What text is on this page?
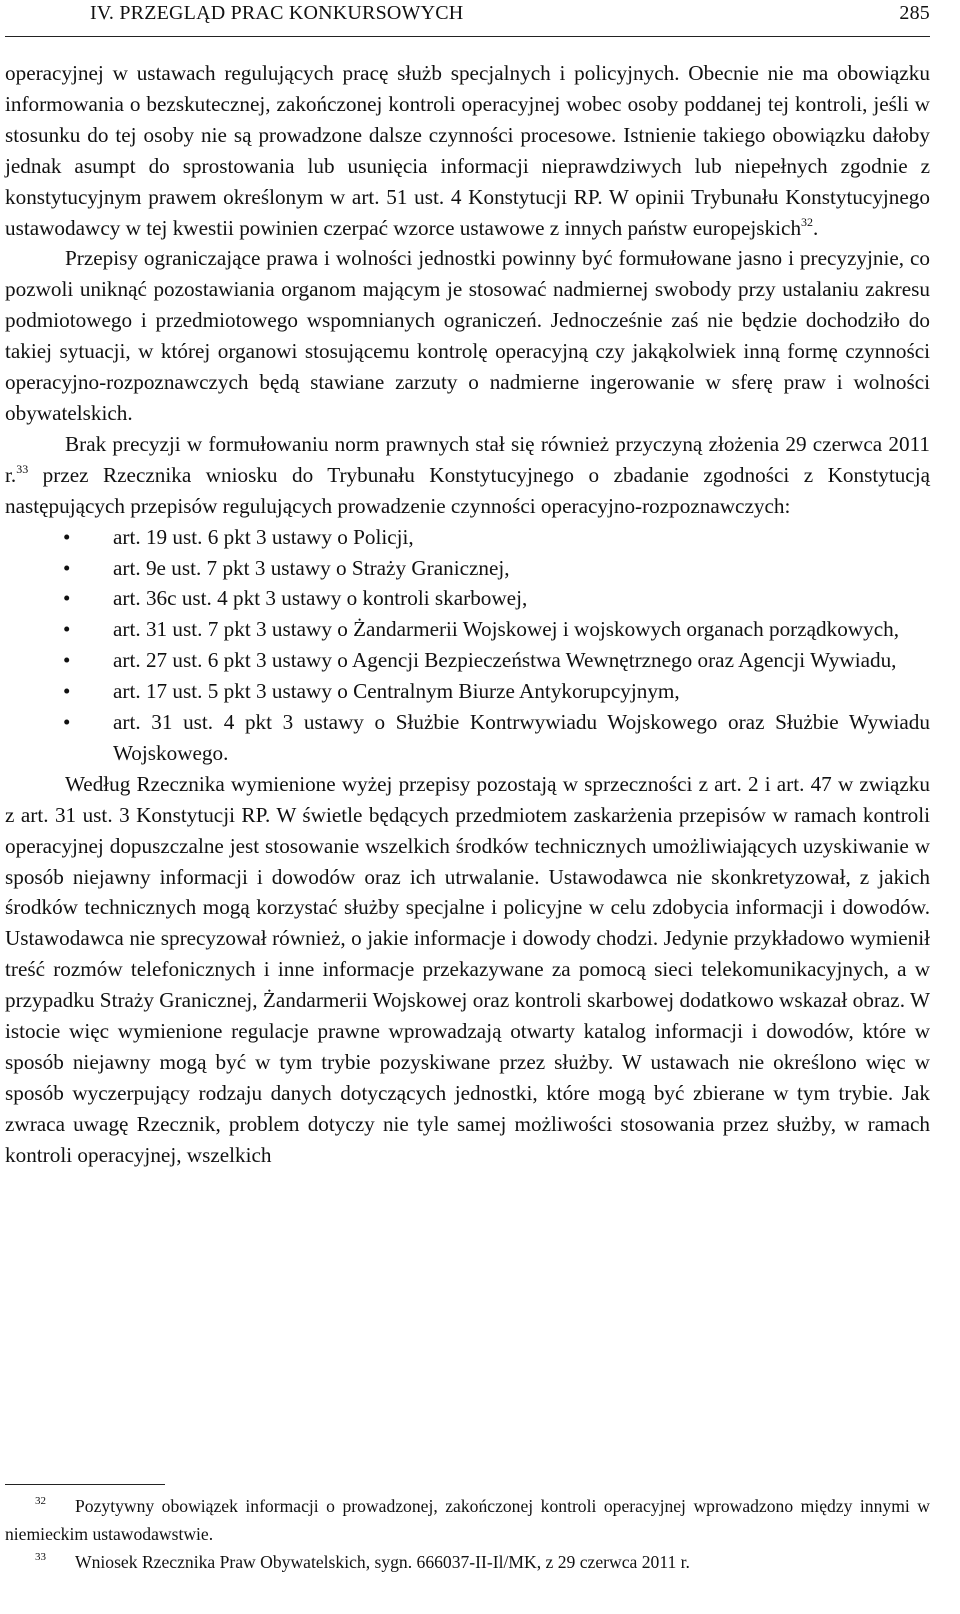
IV. PRZEGLĄD PRAC KONKURSOWYCH	285

operacyjnej w ustawach regulujących pracę służb specjalnych i policyjnych. Obecnie nie ma obowiązku informowania o bezskutecznej, zakończonej kontroli operacyjnej wobec osoby poddanej tej kontroli, jeśli w stosunku do tej osoby nie są prowadzone dalsze czynności procesowe. Istnienie takiego obowiązku dałoby jednak asumpt do sprostowania lub usunięcia informacji nieprawdziwych lub niepełnych zgodnie z konstytucyjnym prawem określonym w art. 51 ust. 4 Konstytucji RP. W opinii Trybunału Konstytucyjnego ustawodawcy w tej kwestii powinien czerpać wzorce ustawowe z innych państw europejskich$^{32}$.

Przepisy ograniczające prawa i wolności jednostki powinny być formułowane jasno i precyzyjnie, co pozwoli uniknąć pozostawiania organom mającym je stosować nadmiernej swobody przy ustalaniu zakresu podmiotowego i przedmiotowego wspomnianych ograniczeń. Jednocześnie zaś nie będzie dochodziło do takiej sytuacji, w której organowi stosującemu kontrolę operacyjną czy jakąkolwiek inną formę czynności operacyjno-rozpoznawczych będą stawiane zarzuty o nadmierne ingerowanie w sferę praw i wolności obywatelskich.

Brak precyzji w formułowaniu norm prawnych stał się również przyczyną złożenia 29 czerwca 2011 r.$^{33}$ przez Rzecznika wniosku do Trybunału Konstytucyjnego o zbadanie zgodności z Konstytucją następujących przepisów regulujących prowadzenie czynności operacyjno-rozpoznawczych:

• art. 19 ust. 6 pkt 3 ustawy o Policji,
• art. 9e ust. 7 pkt 3 ustawy o Straży Granicznej,
• art. 36c ust. 4 pkt 3 ustawy o kontroli skarbowej,
• art. 31 ust. 7 pkt 3 ustawy o Żandarmerii Wojskowej i wojskowych organach porządkowych,
• art. 27 ust. 6 pkt 3 ustawy o Agencji Bezpieczeństwa Wewnętrznego oraz Agencji Wywiadu,
• art. 17 ust. 5 pkt 3 ustawy o Centralnym Biurze Antykorupcyjnym,
• art. 31 ust. 4 pkt 3 ustawy o Służbie Kontrwywiadu Wojskowego oraz Służbie Wywiadu Wojskowego.

Według Rzecznika wymienione wyżej przepisy pozostają w sprzeczności z art. 2 i art. 47 w związku z art. 31 ust. 3 Konstytucji RP. W świetle będących przedmiotem zaskarżenia przepisów w ramach kontroli operacyjnej dopuszczalne jest stosowanie wszelkich środków technicznych umożliwiających uzyskiwanie w sposób niejawny informacji i dowodów oraz ich utrwalanie. Ustawodawca nie skonkretyzował, z jakich środków technicznych mogą korzystać służby specjalne i policyjne w celu zdobycia informacji i dowodów. Ustawodawca nie sprecyzował również, o jakie informacje i dowody chodzi. Jedynie przykładowo wymienił treść rozmów telefonicznych i inne informacje przekazywane za pomocą sieci telekomunikacyjnych, a w przypadku Straży Granicznej, Żandarmerii Wojskowej oraz kontroli skarbowej dodatkowo wskazał obraz. W istocie więc wymienione regulacje prawne wprowadzają otwarty katalog informacji i dowodów, które w sposób niejawny mogą być w tym trybie pozyskiwane przez służby. W ustawach nie określono więc w sposób wyczerpujący rodzaju danych dotyczących jednostki, które mogą być zbierane w tym trybie. Jak zwraca uwagę Rzecznik, problem dotyczy nie tyle samej możliwości stosowania przez służby, w ramach kontroli operacyjnej, wszelkich

$^{32}$ Pozytywny obowiązek informacji o prowadzonej, zakończonej kontroli operacyjnej wprowadzono między innymi w niemieckim ustawodawstwie.

$^{33}$ Wniosek Rzecznika Praw Obywatelskich, sygn. 666037-II-Il/MK, z 29 czerwca 2011 r.
